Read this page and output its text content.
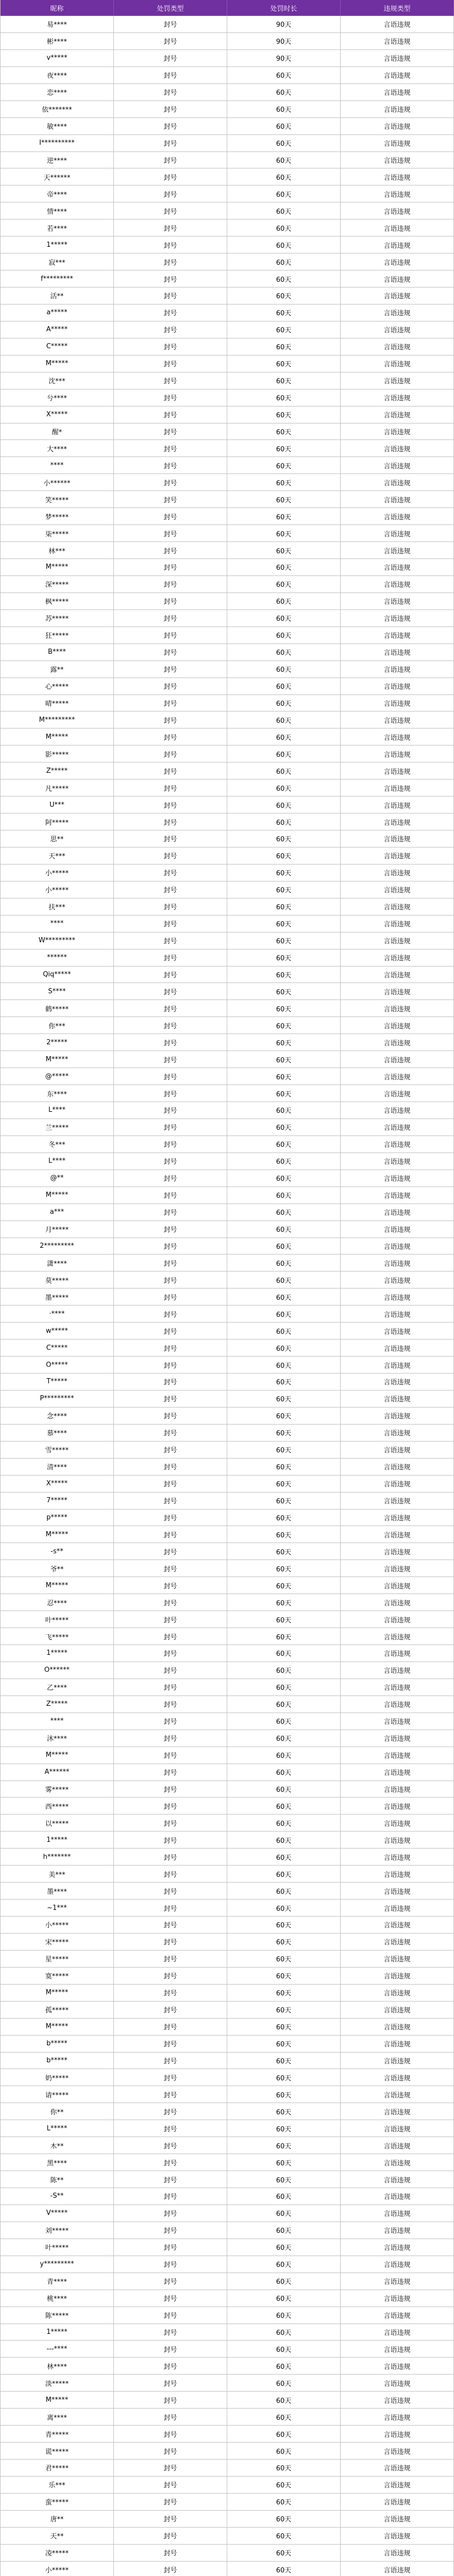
昵称	处罚类型	处罚时长	违规类型
易****	封号	90天	言语违规
彬****	封号	90天	言语违规
v*****	封号	90天	言语违规
夜****	封号	60天	言语违规
恋****	封号	60天	言语违规
依*******	封号	60天	言语违规
敏****	封号	60天	言语违规
I**********	封号	60天	言语违规
逆****	封号	60天	言语违规
天******	封号	60天	言语违规
帝****	封号	60天	言语违规
情****	封号	60天	言语违规
若****	封号	60天	言语违规
1*****	封号	60天	言语违规
寂***	封号	60天	言语违规
f*********	封号	60天	言语违规
活**	封号	60天	言语违规
a*****	封号	60天	言语违规
A*****	封号	60天	言语违规
C*****	封号	60天	言语违规
M*****	封号	60天	言语违规
沈***	封号	60天	言语违规
兮****	封号	60天	言语违规
X*****	封号	60天	言语违规
醒*	封号	60天	言语违规
大****	封号	60天	言语违规
****	封号	60天	言语违规
小******	封号	60天	言语违规
笑*****	封号	60天	言语违规
梦*****	封号	60天	言语违规
柒*****	封号	60天	言语违规
林***	封号	60天	言语违规
M*****	封号	60天	言语违规
深*****	封号	60天	言语违规
枫*****	封号	60天	言语违规
苏*****	封号	60天	言语违规
狂*****	封号	60天	言语违规
B****	封号	60天	言语违规
露**	封号	60天	言语违规
心*****	封号	60天	言语违规
晴*****	封号	60天	言语违规
M*********	封号	60天	言语违规
M*****	封号	60天	言语违规
影*****	封号	60天	言语违规
Z*****	封号	60天	言语违规
凡*****	封号	60天	言语违规
U***	封号	60天	言语违规
阿*****	封号	60天	言语违规
思**	封号	60天	言语违规
天***	封号	60天	言语违规
小*****	封号	60天	言语违规
小*****	封号	60天	言语违规
扶***	封号	60天	言语违规
****	封号	60天	言语违规
W*********	封号	60天	言语违规
******	封号	60天	言语违规
Qiq*****	封号	60天	言语违规
S****	封号	60天	言语违规
鹤*****	封号	60天	言语违规
你***	封号	60天	言语违规
2*****	封号	60天	言语违规
M*****	封号	60天	言语违规
@*****	封号	60天	言语违规
东****	封号	60天	言语违规
L****	封号	60天	言语违规
兰*****	封号	60天	言语违规
冬***	封号	60天	言语违规
L****	封号	60天	言语违规
@**	封号	60天	言语违规
M*****	封号	60天	言语违规
a***	封号	60天	言语违规
月*****	封号	60天	言语违规
2*********	封号	60天	言语违规
潇****	封号	60天	言语违规
莫*****	封号	60天	言语违规
墨*****	封号	60天	言语违规
·****	封号	60天	言语违规
w*****	封号	60天	言语违规
C*****	封号	60天	言语违规
O*****	封号	60天	言语违规
T*****	封号	60天	言语违规
P*********	封号	60天	言语违规
念****	封号	60天	言语违规
慕****	封号	60天	言语违规
雪*****	封号	60天	言语违规
清****	封号	60天	言语违规
X*****	封号	60天	言语违规
7*****	封号	60天	言语违规
p*****	封号	60天	言语违规
M*****	封号	60天	言语违规
-s**	封号	60天	言语违规
爷**	封号	60天	言语违规
M*****	封号	60天	言语违规
忍****	封号	60天	言语违规
叶*****	封号	60天	言语违规
飞*****	封号	60天	言语违规
1*****	封号	60天	言语违规
O******	封号	60天	言语违规
乙****	封号	60天	言语违规
Z*****	封号	60天	言语违规
****	封号	60天	言语违规
沐****	封号	60天	言语违规
M*****	封号	60天	言语违规
A******	封号	60天	言语违规
雾*****	封号	60天	言语违规
西*****	封号	60天	言语违规
以*****	封号	60天	言语违规
1*****	封号	60天	言语违规
h*******	封号	60天	言语违规
美***	封号	60天	言语违规
墨****	封号	60天	言语违规
~1***	封号	60天	言语违规
小*****	封号	60天	言语违规
宋*****	封号	60天	言语违规
星*****	封号	60天	言语违规
寞*****	封号	60天	言语违规
M*****	封号	60天	言语违规
孤*****	封号	60天	言语违规
M*****	封号	60天	言语违规
b*****	封号	60天	言语违规
b*****	封号	60天	言语违规
奶*****	封号	60天	言语违规
请*****	封号	60天	言语违规
你**	封号	60天	言语违规
L*****	封号	60天	言语违规
木**	封号	60天	言语违规
黑****	封号	60天	言语违规
陈**	封号	60天	言语违规
-S**	封号	60天	言语违规
V*****	封号	60天	言语违规
刘*****	封号	60天	言语违规
叶*****	封号	60天	言语违规
y*********	封号	60天	言语违规
青****	封号	60天	言语违规
桃****	封号	60天	言语违规
陈*****	封号	60天	言语违规
1*****	封号	60天	言语违规
---****	封号	60天	言语违规
林****	封号	60天	言语违规
淡*****	封号	60天	言语违规
M*****	封号	60天	言语违规
离****	封号	60天	言语违规
青*****	封号	60天	言语违规
谎*****	封号	60天	言语违规
君*****	封号	60天	言语违规
乐***	封号	60天	言语违规
蛮*****	封号	60天	言语违规
唐**	封号	60天	言语违规
天**	封号	60天	言语违规
凌*****	封号	60天	言语违规
小*****	封号	60天	言语违规
